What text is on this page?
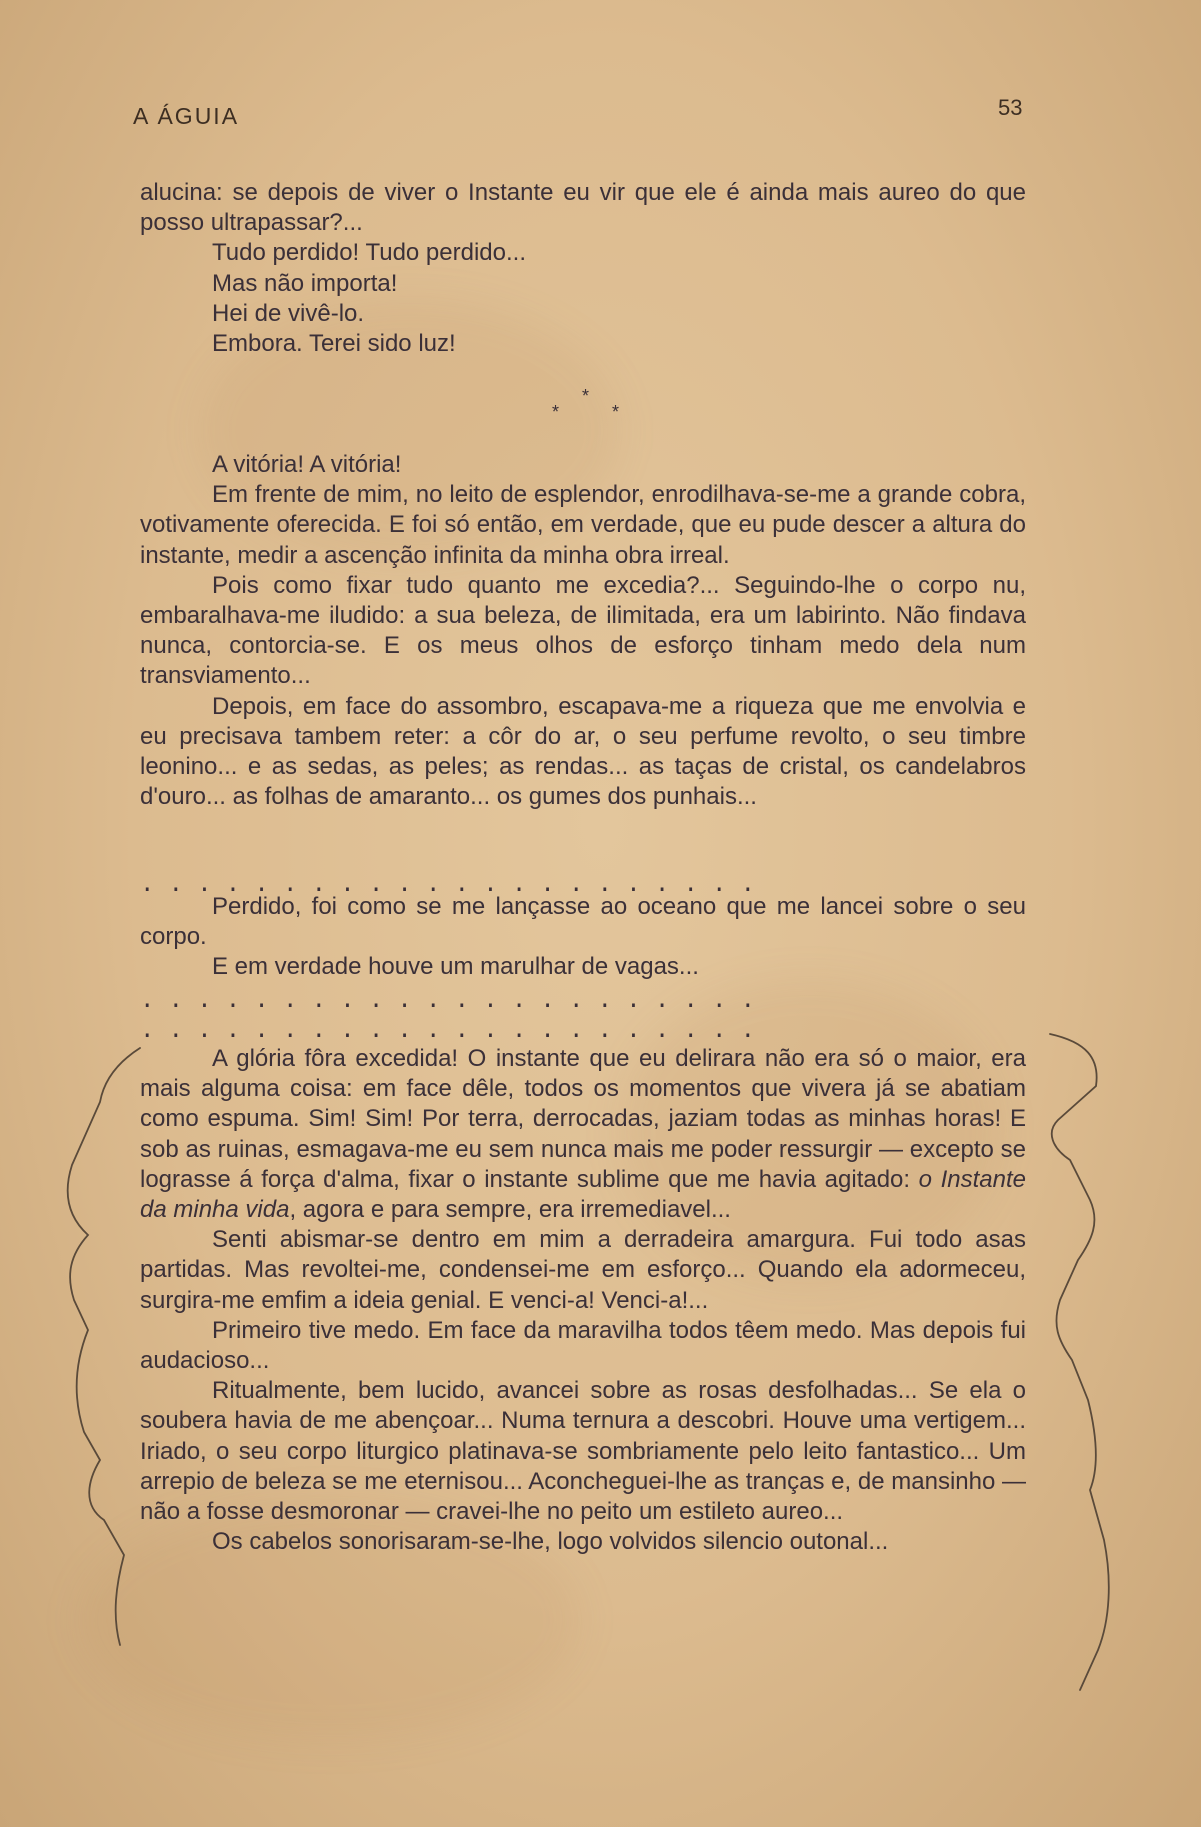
A ÁGUIA	53

alucina: se depois de viver o Instante eu vir que ele é ainda mais aureo do que posso ultrapassar?...

Tudo perdido! Tudo perdido...

Mas não importa!

Hei de vivê-lo.

Embora. Terei sido luz!

*
*	*

A vitória! A vitória!

Em frente de mim, no leito de esplendor, enrodilhava-se-me a grande cobra, votivamente oferecida. E foi só então, em verdade, que eu pude descer a altura do instante, medir a ascenção infinita da minha obra irreal.

Pois como fixar tudo quanto me excedia?... Seguindo-lhe o corpo nu, embaralhava-me iludido: a sua beleza, de ilimitada, era um labirinto. Não findava nunca, contorcia-se. E os meus olhos de esforço tinham medo dela num transviamento...

Depois, em face do assombro, escapava-me a riqueza que me envolvia e eu precisava tambem reter: a côr do ar, o seu perfume revolto, o seu timbre leonino... e as sedas, as peles; as rendas... as taças de cristal, os candelabros d'ouro... as folhas de amaranto... os gumes dos punhais...

......................

Perdido, foi como se me lançasse ao oceano que me lancei sobre o seu corpo.

E em verdade houve um marulhar de vagas...

......................
......................

A glória fôra excedida! O instante que eu delirara não era só o maior, era mais alguma coisa: em face dêle, todos os momentos que vivera já se abatiam como espuma. Sim! Sim! Por terra, derrocadas, jaziam todas as minhas horas! E sob as ruinas, esmagava-me eu sem nunca mais me poder ressurgir — excepto se lograsse á força d'alma, fixar o instante sublime que me havia agitado: o Instante da minha vida, agora e para sempre, era irremediavel...

Senti abismar-se dentro em mim a derradeira amargura. Fui todo asas partidas. Mas revoltei-me, condensei-me em esforço... Quando ela adormeceu, surgira-me emfim a ideia genial. E venci-a! Venci-a!...

Primeiro tive medo. Em face da maravilha todos têem medo. Mas depois fui audacioso...

Ritualmente, bem lucido, avancei sobre as rosas desfolhadas... Se ela o soubera havia de me abençoar... Numa ternura a descobri. Houve uma vertigem... Iriado, o seu corpo liturgico platinava-se sombriamente pelo leito fantastico... Um arrepio de beleza se me eternisou... Aconcheguei-lhe as tranças e, de mansinho — não a fosse desmoronar — cravei-lhe no peito um estileto aureo...

Os cabelos sonorisaram-se-lhe, logo volvidos silencio outonal...
